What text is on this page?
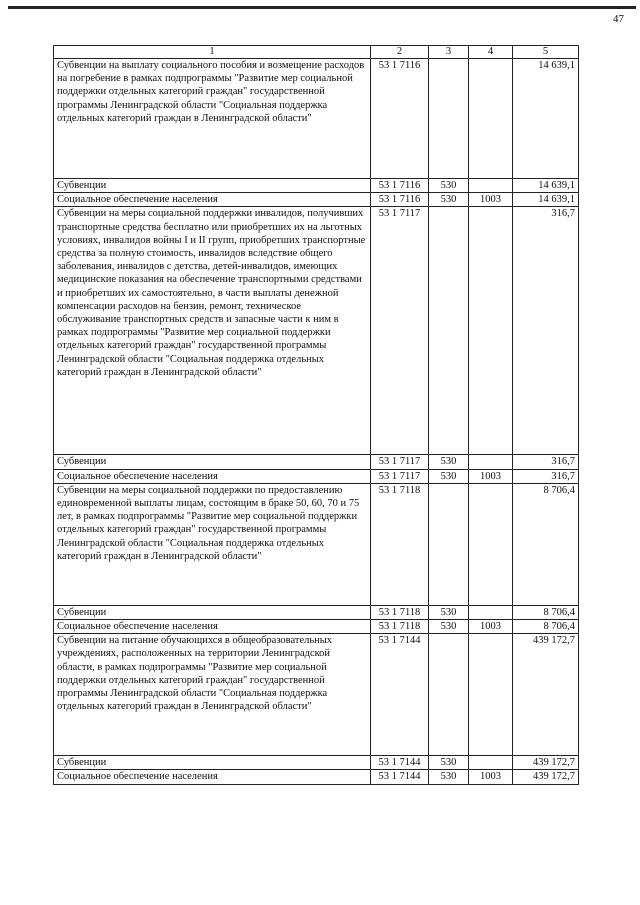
47
1	2	3	4	5
Субвенции на выплату социального пособия и возмещение расходов на погребение в рамках подпрограммы "Развитие мер социальной поддержки отдельных категорий граждан" государственной программы Ленинградской области "Социальная поддержка отдельных категорий граждан в Ленинградской области"	53 1 7116			14 639,1
Субвенции	53 1 7116	530		14 639,1
Социальное обеспечение населения	53 1 7116	530	1003	14 639,1
Субвенции на меры социальной поддержки инвалидов, получивших транспортные средства бесплатно или приобретших их на льготных условиях, инвалидов войны I и II групп, приобретших транспортные средства за полную стоимость, инвалидов вследствие общего заболевания, инвалидов с детства, детей-инвалидов, имеющих медицинские показания на обеспечение транспортными средствами и приобретших их самостоятельно, в части выплаты денежной компенсации расходов на бензин, ремонт, техническое обслуживание транспортных средств и запасные части к ним в рамках подпрограммы "Развитие мер социальной поддержки отдельных категорий граждан" государственной программы Ленинградской области "Социальная поддержка отдельных категорий граждан в Ленинградской области"	53 1 7117			316,7
Субвенции	53 1 7117	530		316,7
Социальное обеспечение населения	53 1 7117	530	1003	316,7
Субвенции на меры социальной поддержки по предоставлению единовременной выплаты лицам, состоящим в браке 50, 60, 70 и 75 лет, в рамках подпрограммы "Развитие мер социальной поддержки отдельных категорий граждан" государственной программы Ленинградской области "Социальная поддержка отдельных категорий граждан в Ленинградской области"	53 1 7118			8 706,4
Субвенции	53 1 7118	530		8 706,4
Социальное обеспечение населения	53 1 7118	530	1003	8 706,4
Субвенции на питание обучающихся в общеобразовательных учреждениях, расположенных на территории Ленинградской области, в рамках подпрограммы "Развитие мер социальной поддержки отдельных категорий граждан" государственной программы Ленинградской области "Социальная поддержка отдельных категорий граждан в Ленинградской области"	53 1 7144			439 172,7
Субвенции	53 1 7144	530		439 172,7
Социальное обеспечение населения	53 1 7144	530	1003	439 172,7
